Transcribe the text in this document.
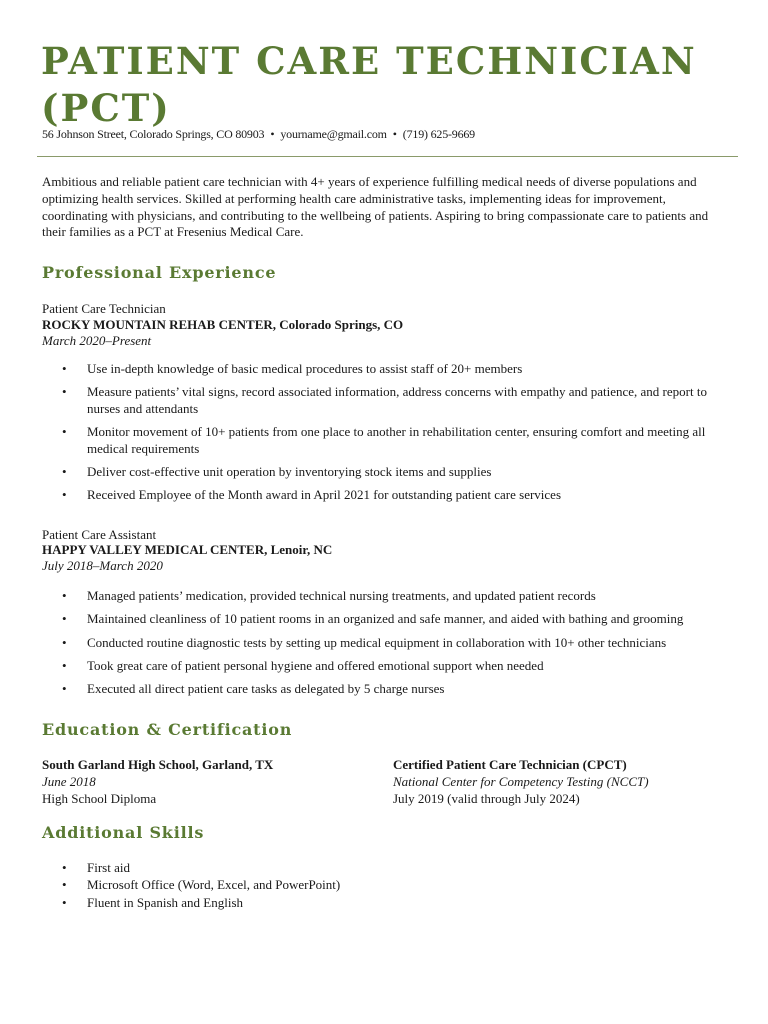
PATIENT CARE TECHNICIAN (PCT)
56 Johnson Street, Colorado Springs, CO 80903 • yourname@gmail.com • (719) 625-9669

Ambitious and reliable patient care technician with 4+ years of experience fulfilling medical needs of diverse populations and optimizing health services. Skilled at performing health care administrative tasks, implementing ideas for improvement, coordinating with physicians, and contributing to the wellbeing of patients. Aspiring to bring compassionate care to patients and their families as a PCT at Fresenius Medical Care.

Professional Experience
Patient Care Technician
ROCKY MOUNTAIN REHAB CENTER, Colorado Springs, CO
March 2020–Present
• Use in-depth knowledge of basic medical procedures to assist staff of 20+ members
• Measure patients’ vital signs, record associated information, address concerns with empathy and patience, and report to nurses and attendants
• Monitor movement of 10+ patients from one place to another in rehabilitation center, ensuring comfort and meeting all medical requirements
• Deliver cost-effective unit operation by inventorying stock items and supplies
• Received Employee of the Month award in April 2021 for outstanding patient care services
Patient Care Assistant
HAPPY VALLEY MEDICAL CENTER, Lenoir, NC
July 2018–March 2020
• Managed patients’ medication, provided technical nursing treatments, and updated patient records
• Maintained cleanliness of 10 patient rooms in an organized and safe manner, and aided with bathing and grooming
• Conducted routine diagnostic tests by setting up medical equipment in collaboration with 10+ other technicians
• Took great care of patient personal hygiene and offered emotional support when needed
• Executed all direct patient care tasks as delegated by 5 charge nurses
Education & Certification
South Garland High School, Garland, TX
June 2018
High School Diploma
Certified Patient Care Technician (CPCT)
National Center for Competency Testing (NCCT)
July 2019 (valid through July 2024)
Additional Skills
• First aid
• Microsoft Office (Word, Excel, and PowerPoint)
• Fluent in Spanish and English
